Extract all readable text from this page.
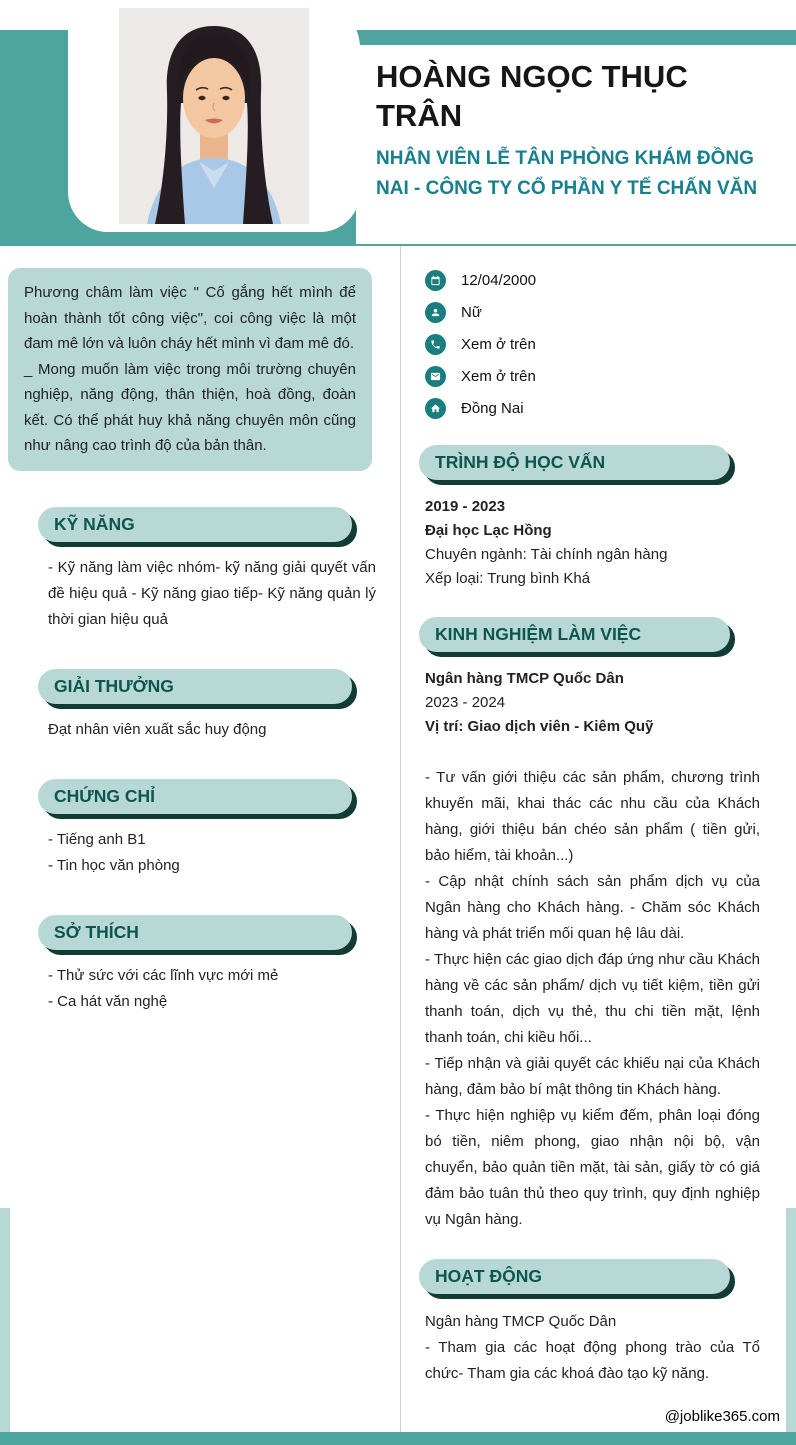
HOÀNG NGỌC THỤC TRÂN
NHÂN VIÊN LỄ TÂN PHÒNG KHÁM ĐỒNG NAI - CÔNG TY CỔ PHẦN Y TẾ CHẤN VĂN
Phương châm làm việc " Cố gắng hết mình để hoàn thành tốt công việc", coi công việc là một đam mê lớn và luôn cháy hết mình vì đam mê đó.
_ Mong muốn làm việc trong môi trường chuyên nghiệp, năng động, thân thiện, hoà đồng, đoàn kết. Có thể phát huy khả năng chuyên môn cũng như nâng cao trình độ của bản thân.
KỸ NĂNG
- Kỹ năng làm việc nhóm- kỹ năng giải quyết vấn đề hiệu quả - Kỹ năng giao tiếp- Kỹ năng quản lý thời gian hiệu quả
GIẢI THƯỞNG
Đạt nhân viên xuất sắc huy động
CHỨNG CHỈ
- Tiếng anh B1
- Tin học văn phòng
SỞ THÍCH
- Thử sức với các lĩnh vực mới mẻ
- Ca hát văn nghệ
12/04/2000
Nữ
Xem ở trên
Xem ở trên
Đồng Nai
TRÌNH ĐỘ HỌC VẤN
2019 - 2023
Đại học Lạc Hồng
Chuyên ngành: Tài chính ngân hàng
Xếp loại: Trung bình Khá
KINH NGHIỆM LÀM VIỆC
Ngân hàng TMCP Quốc Dân
2023 - 2024
Vị trí: Giao dịch viên - Kiêm Quỹ
- Tư vấn giới thiệu các sản phẩm, chương trình khuyến mãi, khai thác các nhu cầu của Khách hàng, giới thiệu bán chéo sản phẩm ( tiền gửi, bảo hiểm, tài khoản...)
- Cập nhật chính sách sản phẩm dịch vụ của Ngân hàng cho Khách hàng. - Chăm sóc Khách hàng và phát triển mối quan hệ lâu dài.
- Thực hiện các giao dịch đáp ứng như cầu Khách hàng về các sản phẩm/ dịch vụ tiết kiệm, tiền gửi thanh toán, dịch vụ thẻ, thu chi tiền mặt, lệnh thanh toán, chi kiều hối...
- Tiếp nhận và giải quyết các khiếu nại của Khách hàng, đảm bảo bí mật thông tin Khách hàng.
- Thực hiện nghiệp vụ kiểm đếm, phân loại đóng bó tiền, niêm phong, giao nhận nội bộ, vận chuyển, bảo quản tiền mặt, tài sản, giấy tờ có giá đảm bảo tuân thủ theo quy trình, quy định nghiệp vụ Ngân hàng.
HOẠT ĐỘNG
Ngân hàng TMCP Quốc Dân
- Tham gia các hoạt động phong trào của Tổ chức- Tham gia các khoá đào tạo kỹ năng.
@joblike365.com
